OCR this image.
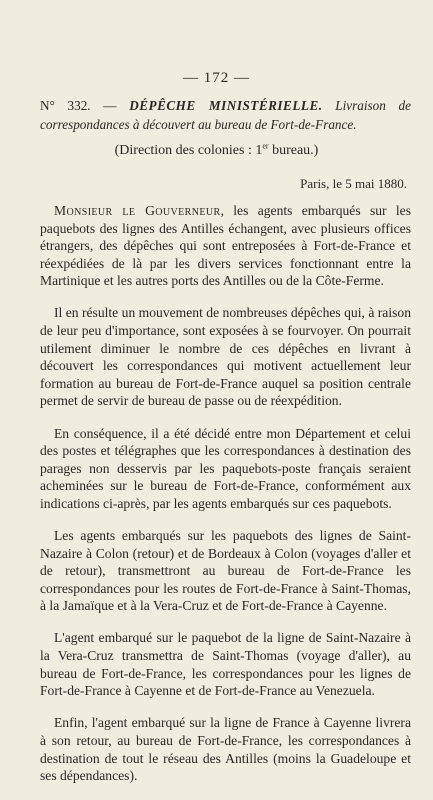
— 172 —
N° 332. — DÉPÊCHE MINISTÉRIELLE. Livraison de correspondances à découvert au bureau de Fort-de-France.
(Direction des colonies : 1er bureau.)
Paris, le 5 mai 1880.

Monsieur le Gouverneur, les agents embarqués sur les paquebots des lignes des Antilles échangent, avec plusieurs offices étrangers, des dépêches qui sont entreposées à Fort-de-France et réexpédiées de là par les divers services fonctionnant entre la Martinique et les autres ports des Antilles ou de la Côte-Ferme.

Il en résulte un mouvement de nombreuses dépêches qui, à raison de leur peu d'importance, sont exposées à se fourvoyer. On pourrait utilement diminuer le nombre de ces dépêches en livrant à découvert les correspondances qui motivent actuellement leur formation au bureau de Fort-de-France auquel sa position centrale permet de servir de bureau de passe ou de réexpédition.

En conséquence, il a été décidé entre mon Département et celui des postes et télégraphes que les correspondances à destination des parages non desservis par les paquebots-poste français seraient acheminées sur le bureau de Fort-de-France, conformément aux indications ci-après, par les agents embarqués sur ces paquebots.

Les agents embarqués sur les paquebots des lignes de Saint-Nazaire à Colon (retour) et de Bordeaux à Colon (voyages d'aller et de retour), transmettront au bureau de Fort-de-France les correspondances pour les routes de Fort-de-France à Saint-Thomas, à la Jamaïque et à la Vera-Cruz et de Fort-de-France à Cayenne.

L'agent embarqué sur le paquebot de la ligne de Saint-Nazaire à la Vera-Cruz transmettra de Saint-Thomas (voyage d'aller), au bureau de Fort-de-France, les correspondances pour les lignes de Fort-de-France à Cayenne et de Fort-de-France au Venezuela.

Enfin, l'agent embarqué sur la ligne de France à Cayenne livrera à son retour, au bureau de Fort-de-France, les correspondances à destination de tout le réseau des Antilles (moins la Guadeloupe et ses dépendances).
